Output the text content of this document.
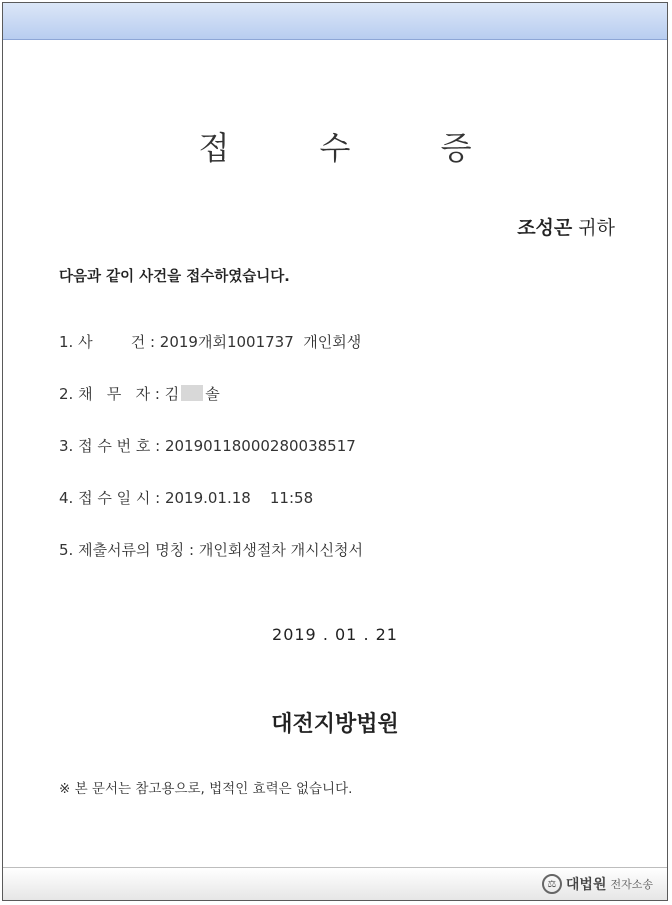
접 수 증
조성곤 귀하
다음과 같이 사건을 접수하였습니다.
1. 사        건 : 2019개회1001737  개인회생
2. 채   무   자 : 김 솔
3. 접 수 번 호 : 20190118000280038517
4. 접 수 일 시 : 2019.01.18    11:58
5. 제출서류의 명칭 : 개인회생절차 개시신청서
2019 . 01 . 21
대전지방법원
※ 본 문서는 참고용으로, 법적인 효력은 없습니다.
⚖ 대법원 전자소송
